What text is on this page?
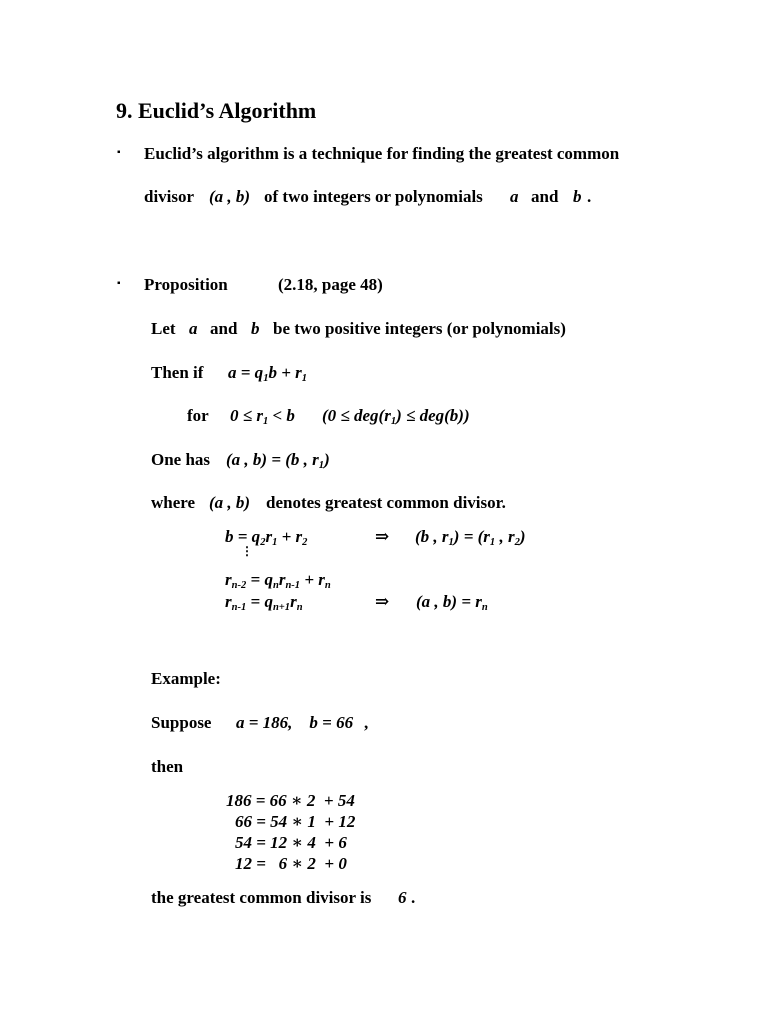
9. Euclid’s Algorithm
▪ Euclid’s algorithm is a technique for finding the greatest common
divisor (a , b) of two integers or polynomials a and b .
▪ Proposition	(2.18, page 48)
Let a and b be two positive integers (or polynomials)
Then if $a = q_1b + r_1$
for $0 \le r_1 < b$ $(0 \le deg(r_1) \le deg(b))$
One has (a , b) = (b , $r_1$)
where (a , b) denotes greatest common divisor.
$b = q_2r_1 + r_2$	⇒ (b , $r_1) = (r_1$ , $r_2$)
⋮
$r_{n-2} = q_nr_{n-1} + r_n$
$r_{n-1} = q_{n+1}r_n$	⇒ (a , $b) = r_n$
Example:
Suppose a = 186,    b = 66 ,
then
186 = 66 ∗ 2  + 54
66 = 54 ∗ 1  + 12
54 = 12 ∗ 4  + 6
12 =   6 ∗ 2  + 0
the greatest common divisor is 6 .
